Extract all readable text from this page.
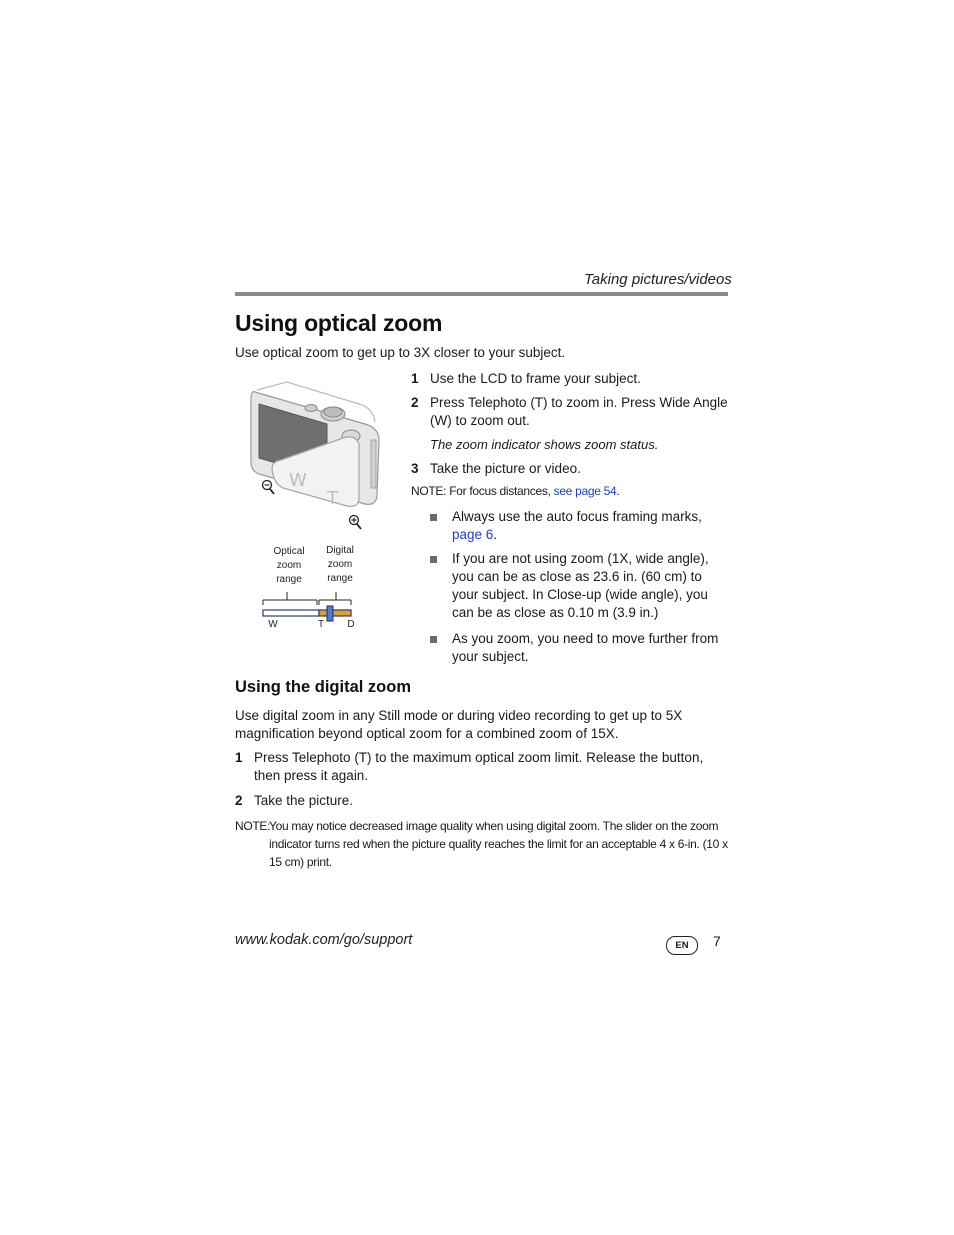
Taking pictures/videos
Using optical zoom
Use optical zoom to get up to 3X closer to your subject.
W
T
Optical
zoom
range
Digital
zoom
range
W	T D
1 Use the LCD to frame your subject.
2 Press Telephoto (T) to zoom in. Press Wide Angle (W) to zoom out.
The zoom indicator shows zoom status.
3 Take the picture or video.
NOTE: For focus distances, see page 54.
Always use the auto focus framing marks, page 6.
If you are not using zoom (1X, wide angle), you can be as close as 23.6 in. (60 cm) to your subject. In Close-up (wide angle), you can be as close as 0.10 m (3.9 in.)
As you zoom, you need to move further from your subject.
Using the digital zoom
Use digital zoom in any Still mode or during video recording to get up to 5X magnification beyond optical zoom for a combined zoom of 15X.
1 Press Telephoto (T) to the maximum optical zoom limit. Release the button, then press it again.
2 Take the picture.
NOTE:
You may notice decreased image quality when using digital zoom. The slider on the zoom indicator turns red when the picture quality reaches the limit for an acceptable 4 x 6-in. (10 x 15 cm) print.
www.kodak.com/go/support	EN	7
